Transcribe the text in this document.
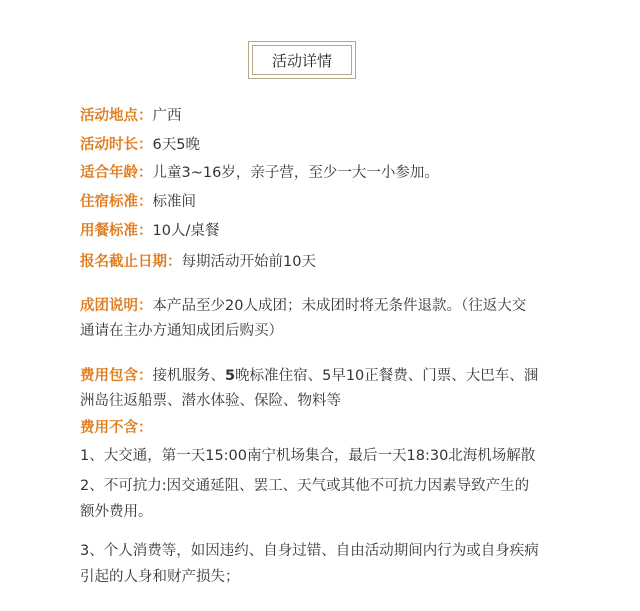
活动详情
活动地点：广西
活动时长：6天5晚
适合年龄：儿童3~16岁，亲子营，至少一大一小参加。
住宿标准：标准间
用餐标准：10人/桌餐
报名截止日期：每期活动开始前10天
成团说明：本产品至少20人成团；未成团时将无条件退款。（往返大交
通请在主办方通知成团后购买）
费用包含：接机服务、5晚标准住宿、5早10正餐费、门票、大巴车、涠
洲岛往返船票、潜水体验、保险、物料等
费用不含：
1、大交通，第一天15:00南宁机场集合，最后一天18:30北海机场解散
2、不可抗力:因交通延阻、罢工、天气或其他不可抗力因素导致产生的
额外费用。
3、个人消费等，如因违约、自身过错、自由活动期间内行为或自身疾病
引起的人身和财产损失；
